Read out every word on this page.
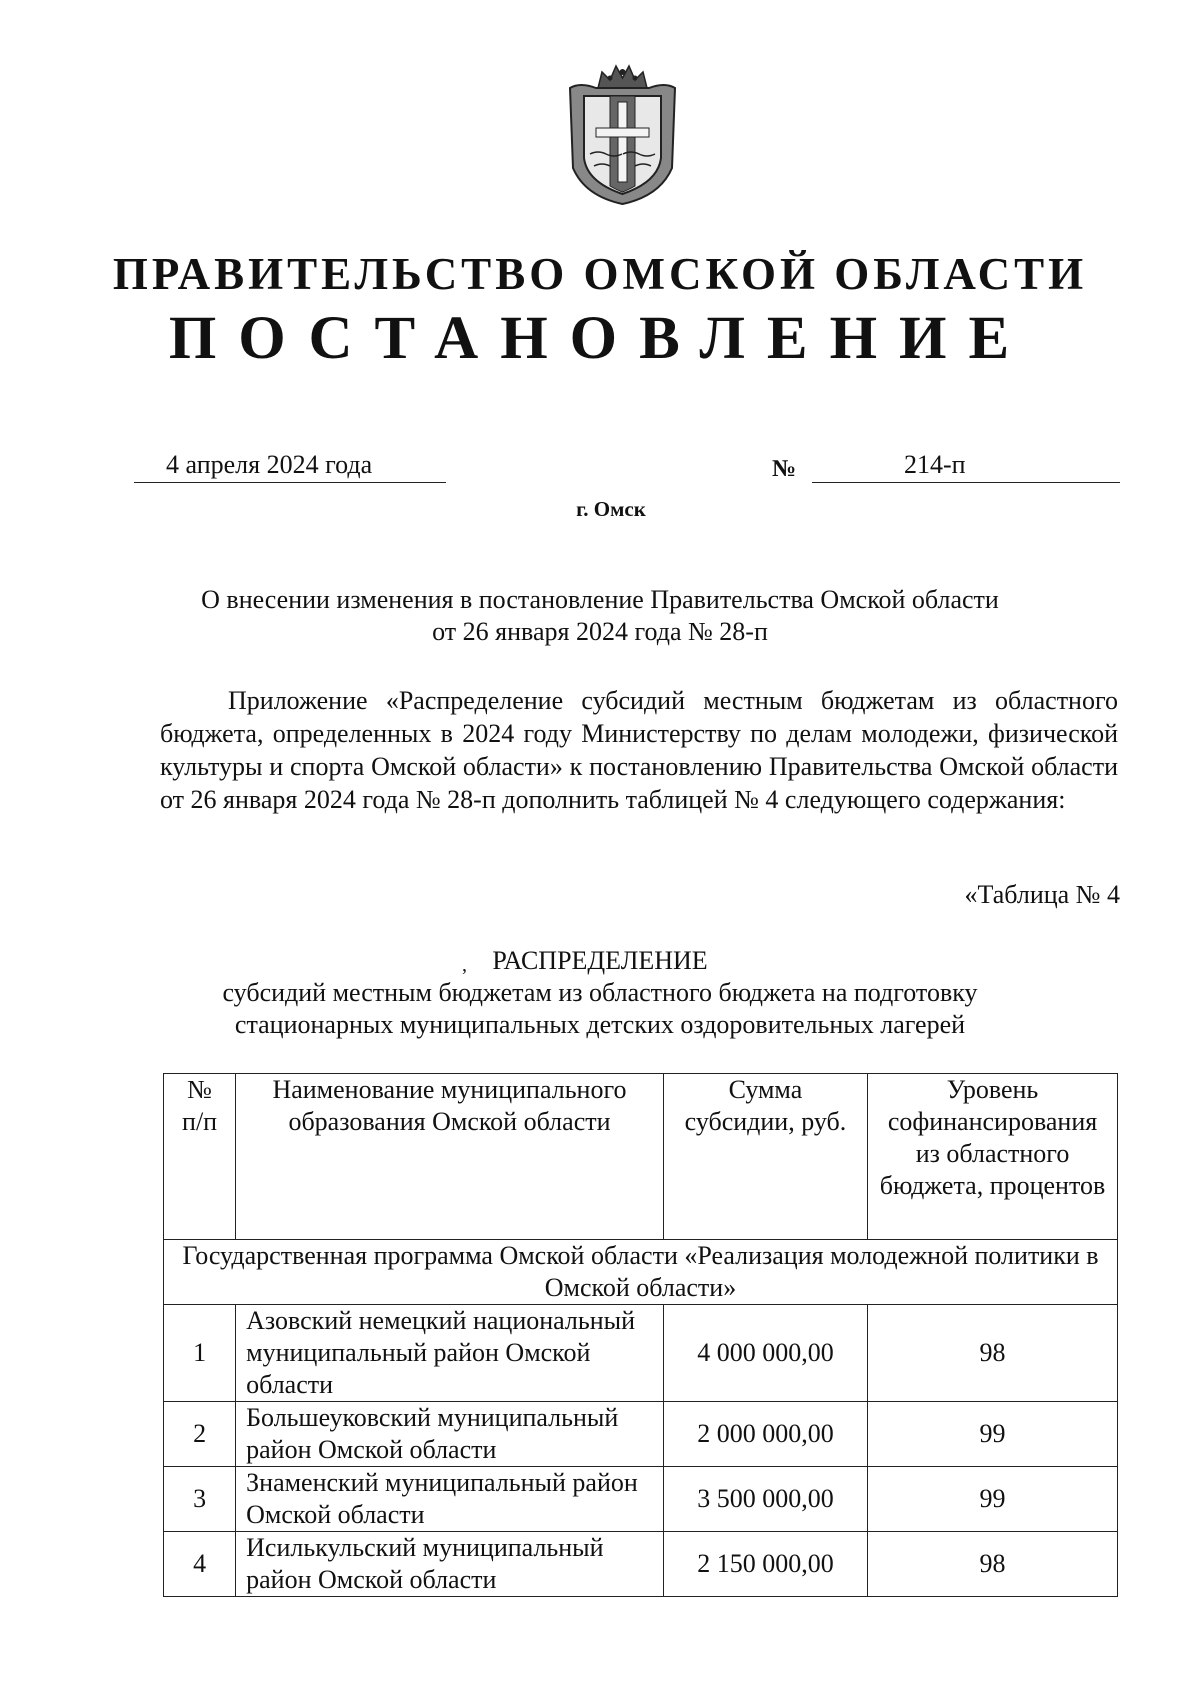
ПРАВИТЕЛЬСТВО ОМСКОЙ ОБЛАСТИ
ПОСТАНОВЛЕНИЕ
4 апреля 2024 года	№	214-п
г. Омск
О внесении изменения в постановление Правительства Омской области
от 26 января 2024 года № 28-п

Приложение «Распределение субсидий местным бюджетам из областного бюджета, определенных в 2024 году Министерству по делам молодежи, физической культуры и спорта Омской области» к постановлению Правительства Омской области от 26 января 2024 года № 28-п дополнить таблицей № 4 следующего содержания:

«Таблица № 4
, РАСПРЕДЕЛЕНИЕ
субсидий местным бюджетам из областного бюджета на подготовку
стационарных муниципальных детских оздоровительных лагерей
№ п/п	Наименование муниципального образования Омской области	Сумма субсидии, руб.	Уровень софинансирования из областного бюджета, процентов
Государственная программа Омской области «Реализация молодежной политики в Омской области»			
1	Азовский немецкий национальный муниципальный район Омской области	4 000 000,00	98
2	Большеуковский муниципальный район Омской области	2 000 000,00	99
3	Знаменский муниципальный район Омской области	3 500 000,00	99
4	Исилькульский муниципальный район Омской области	2 150 000,00	98
